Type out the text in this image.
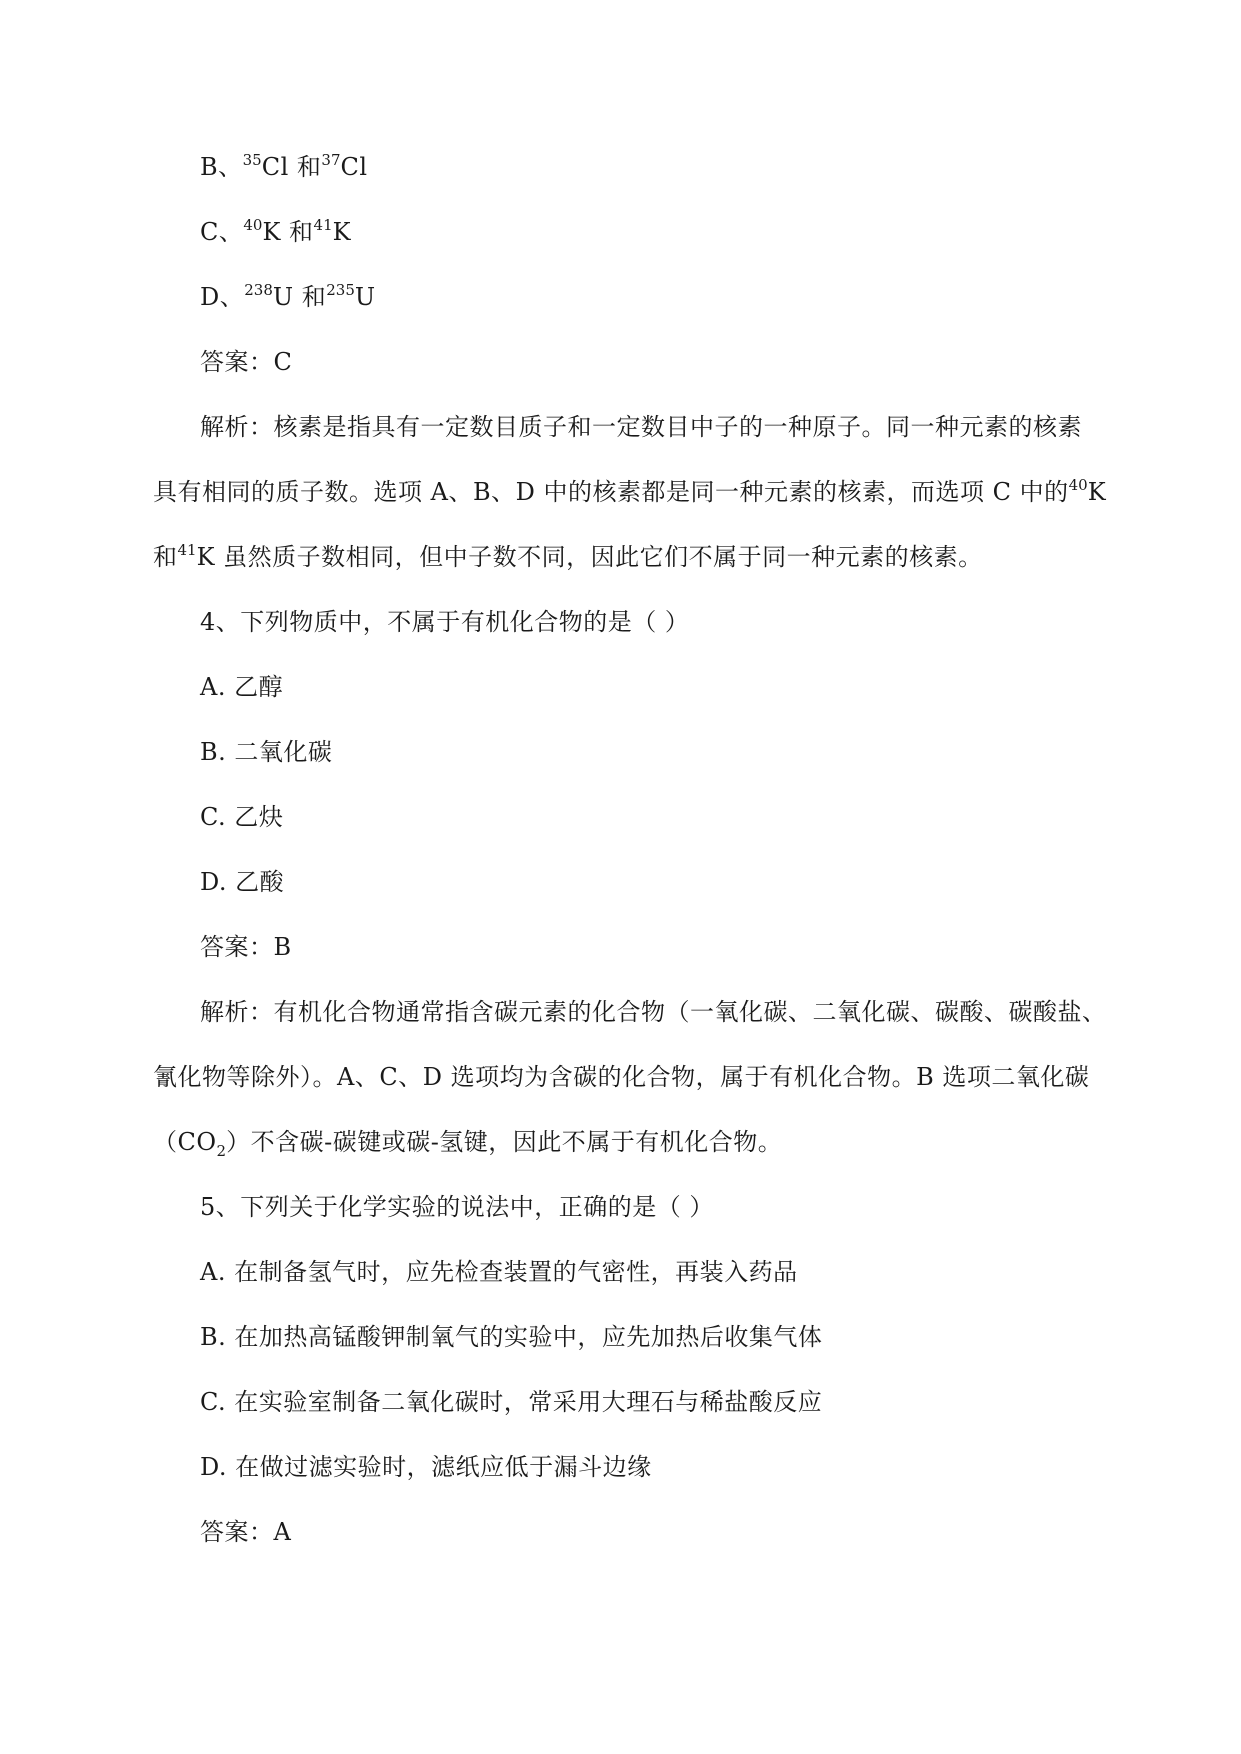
B、$^{35}$Cl 和$^{37}$Cl
C、$^{40}$K 和$^{41}$K
D、$^{238}$U 和$^{235}$U
答案：C
解析：核素是指具有一定数目质子和一定数目中子的一种原子。同一种元素的核素
具有相同的质子数。选项 A、B、D 中的核素都是同一种元素的核素，而选项 C 中的$^{40}$K
和$^{41}$K 虽然质子数相同，但中子数不同，因此它们不属于同一种元素的核素。
4、下列物质中，不属于有机化合物的是（ ）
A. 乙醇
B. 二氧化碳
C. 乙炔
D. 乙酸
答案：B
解析：有机化合物通常指含碳元素的化合物（一氧化碳、二氧化碳、碳酸、碳酸盐、
氰化物等除外）。A、C、D 选项均为含碳的化合物，属于有机化合物。B 选项二氧化碳
$(CO_2)$不含碳-碳键或碳-氢键，因此不属于有机化合物。
5、下列关于化学实验的说法中，正确的是（ ）
A. 在制备氢气时，应先检查装置的气密性，再装入药品
B. 在加热高锰酸钾制氧气的实验中，应先加热后收集气体
C. 在实验室制备二氧化碳时，常采用大理石与稀盐酸反应
D. 在做过滤实验时，滤纸应低于漏斗边缘
答案：A
